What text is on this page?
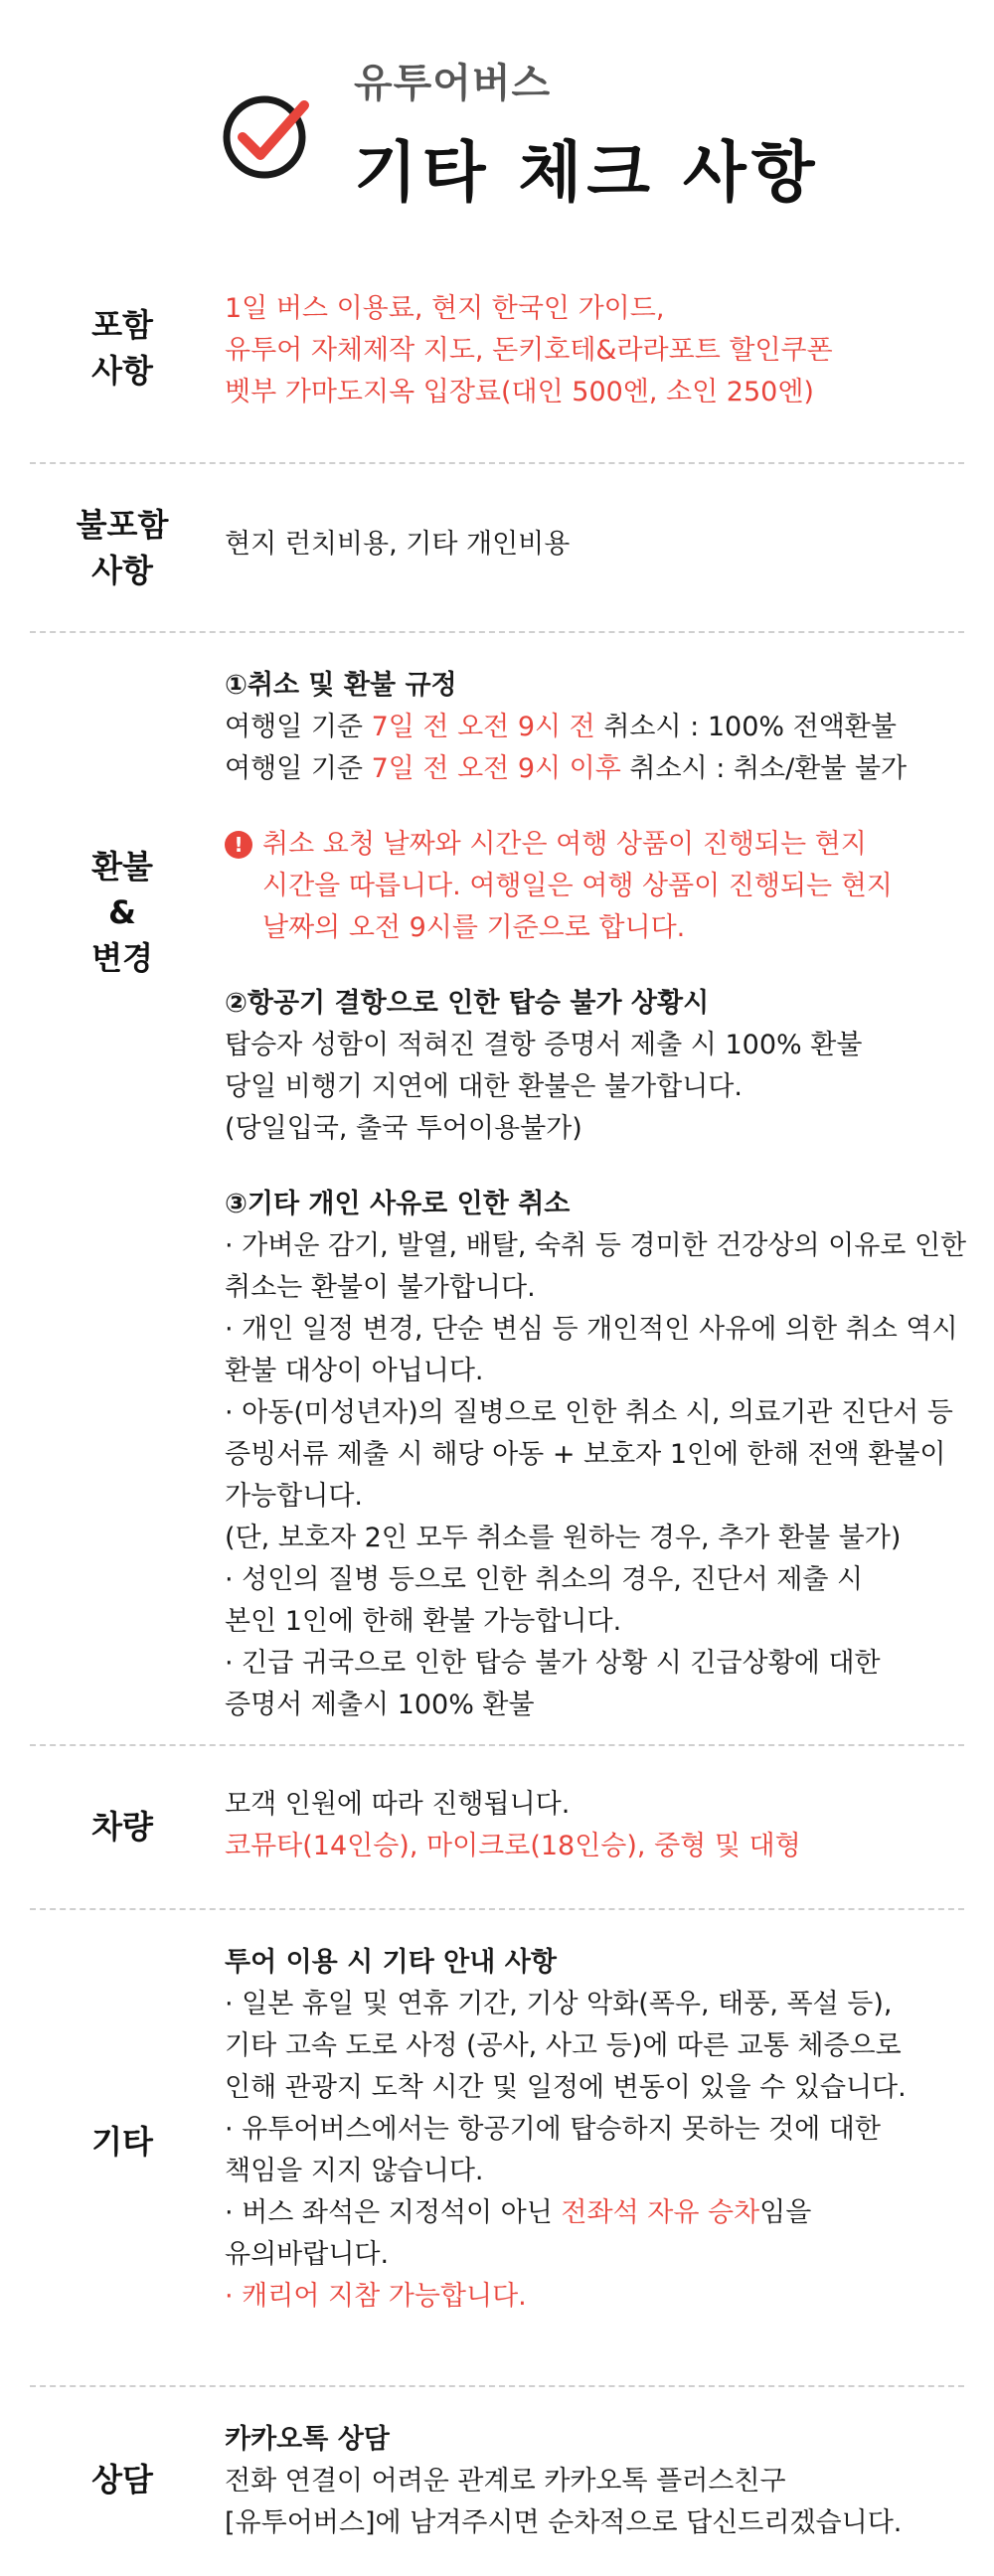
유투어버스
기타 체크 사항
포함
사항
1일 버스 이용료, 현지 한국인 가이드,
유투어 자체제작 지도, 돈키호테&라라포트 할인쿠폰
벳부 가마도지옥 입장료(대인 500엔, 소인 250엔)
불포함
사항
현지 런치비용, 기타 개인비용
환불
&
변경
①취소 및 환불 규정
여행일 기준 7일 전 오전 9시 전 취소시 : 100% 전액환불
여행일 기준 7일 전 오전 9시 이후 취소시 : 취소/환불 불가
! 취소 요청 날짜와 시간은 여행 상품이 진행되는 현지
시간을 따릅니다. 여행일은 여행 상품이 진행되는 현지
날짜의 오전 9시를 기준으로 합니다.
②항공기 결항으로 인한 탑승 불가 상황시
탑승자 성함이 적혀진 결항 증명서 제출 시 100% 환불
당일 비행기 지연에 대한 환불은 불가합니다.
(당일입국, 출국 투어이용불가)
③기타 개인 사유로 인한 취소
· 가벼운 감기, 발열, 배탈, 숙취 등 경미한 건강상의 이유로 인한
취소는 환불이 불가합니다.
· 개인 일정 변경, 단순 변심 등 개인적인 사유에 의한 취소 역시
환불 대상이 아닙니다.
· 아동(미성년자)의 질병으로 인한 취소 시, 의료기관 진단서 등
증빙서류 제출 시 해당 아동 + 보호자 1인에 한해 전액 환불이
가능합니다.
(단, 보호자 2인 모두 취소를 원하는 경우, 추가 환불 불가)
· 성인의 질병 등으로 인한 취소의 경우, 진단서 제출 시
본인 1인에 한해 환불 가능합니다.
· 긴급 귀국으로 인한 탑승 불가 상황 시 긴급상황에 대한
증명서 제출시 100% 환불
차량
모객 인원에 따라 진행됩니다.
코뮤타(14인승), 마이크로(18인승), 중형 및 대형
기타
투어 이용 시 기타 안내 사항
· 일본 휴일 및 연휴 기간, 기상 악화(폭우, 태풍, 폭설 등),
기타 고속 도로 사정 (공사, 사고 등)에 따른 교통 체증으로
인해 관광지 도착 시간 및 일정에 변동이 있을 수 있습니다.
· 유투어버스에서는 항공기에 탑승하지 못하는 것에 대한
책임을 지지 않습니다.
· 버스 좌석은 지정석이 아닌 전좌석 자유 승차임을
유의바랍니다.
· 캐리어 지참 가능합니다.
상담
카카오톡 상담
전화 연결이 어려운 관계로 카카오톡 플러스친구
[유투어버스]에 남겨주시면 순차적으로 답신드리겠습니다.
